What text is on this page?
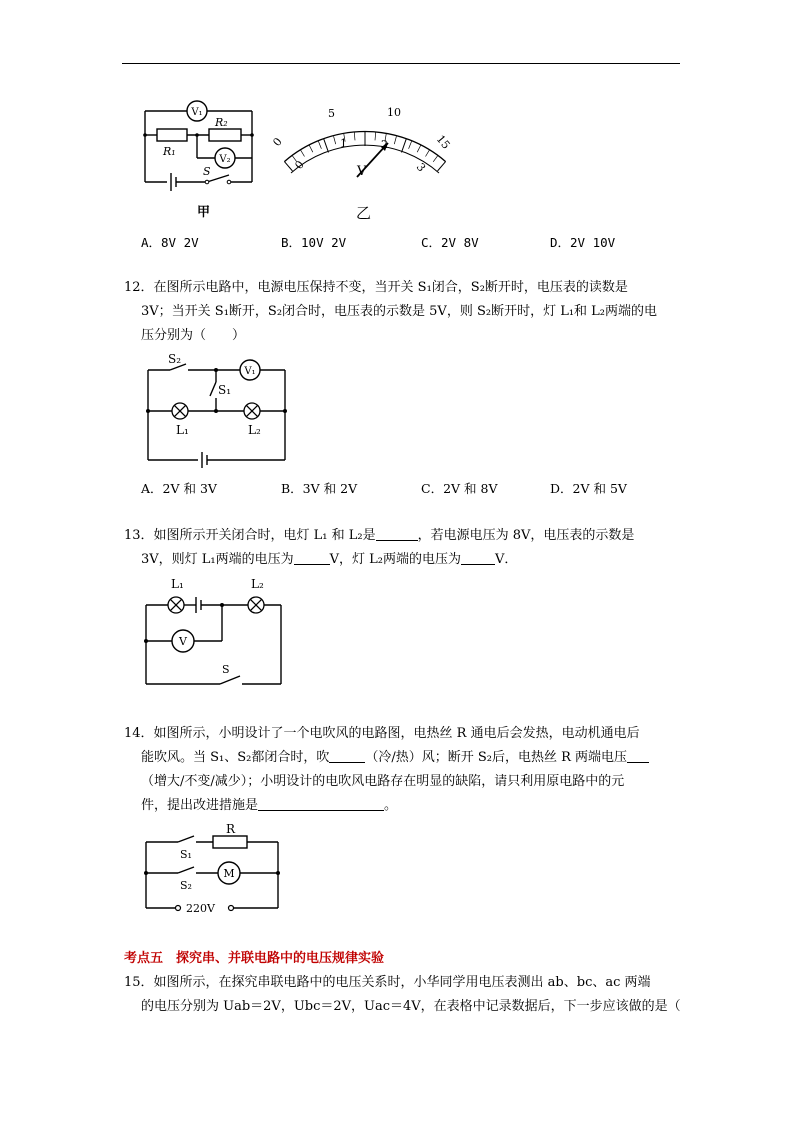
V₁
V₂
R₁
R₂
S
甲
0
5	10
15
0
1	2
3
V
乙
A．8V 2V	B．10V 2V	C．2V 8V	D．2V 10V
12．在图所示电路中，电源电压保持不变，当开关 S₁闭合，S₂断开时，电压表的读数是
3V；当开关 S₁断开，S₂闭合时，电压表的示数是 5V，则 S₂断开时，灯 L₁和 L₂两端的电
压分别为（　　）
V₁
S₂
S₁
L₁	L₂
A．2V 和 3V	B．3V 和 2V	C．2V 和 8V	D．2V 和 5V
13．如图所示开关闭合时，电灯 L₁ 和 L₂是	，若电源电压为 8V，电压表的示数是
3V，则灯 L₁两端的电压为	V，灯 L₂两端的电压为	V．
V
L₁	L₂
S
14．如图所示，小明设计了一个电吹风的电路图，电热丝 R 通电后会发热，电动机通电后
能吹风。当 S₁、S₂都闭合时，吹	（冷/热）风；断开 S₂后，电热丝 R 两端电压
（增大/不变/减少）；小明设计的电吹风电路存在明显的缺陷，请只利用原电路中的元
件，提出改进措施是	。
M
R
S₁
S₂
220V
考点五　探究串、并联电路中的电压规律实验
15．如图所示，在探究串联电路中的电压关系时，小华同学用电压表测出 ab、bc、ac 两端
的电压分别为 Uab＝2V，Ubc＝2V，Uac＝4V，在表格中记录数据后，下一步应该做的是（
